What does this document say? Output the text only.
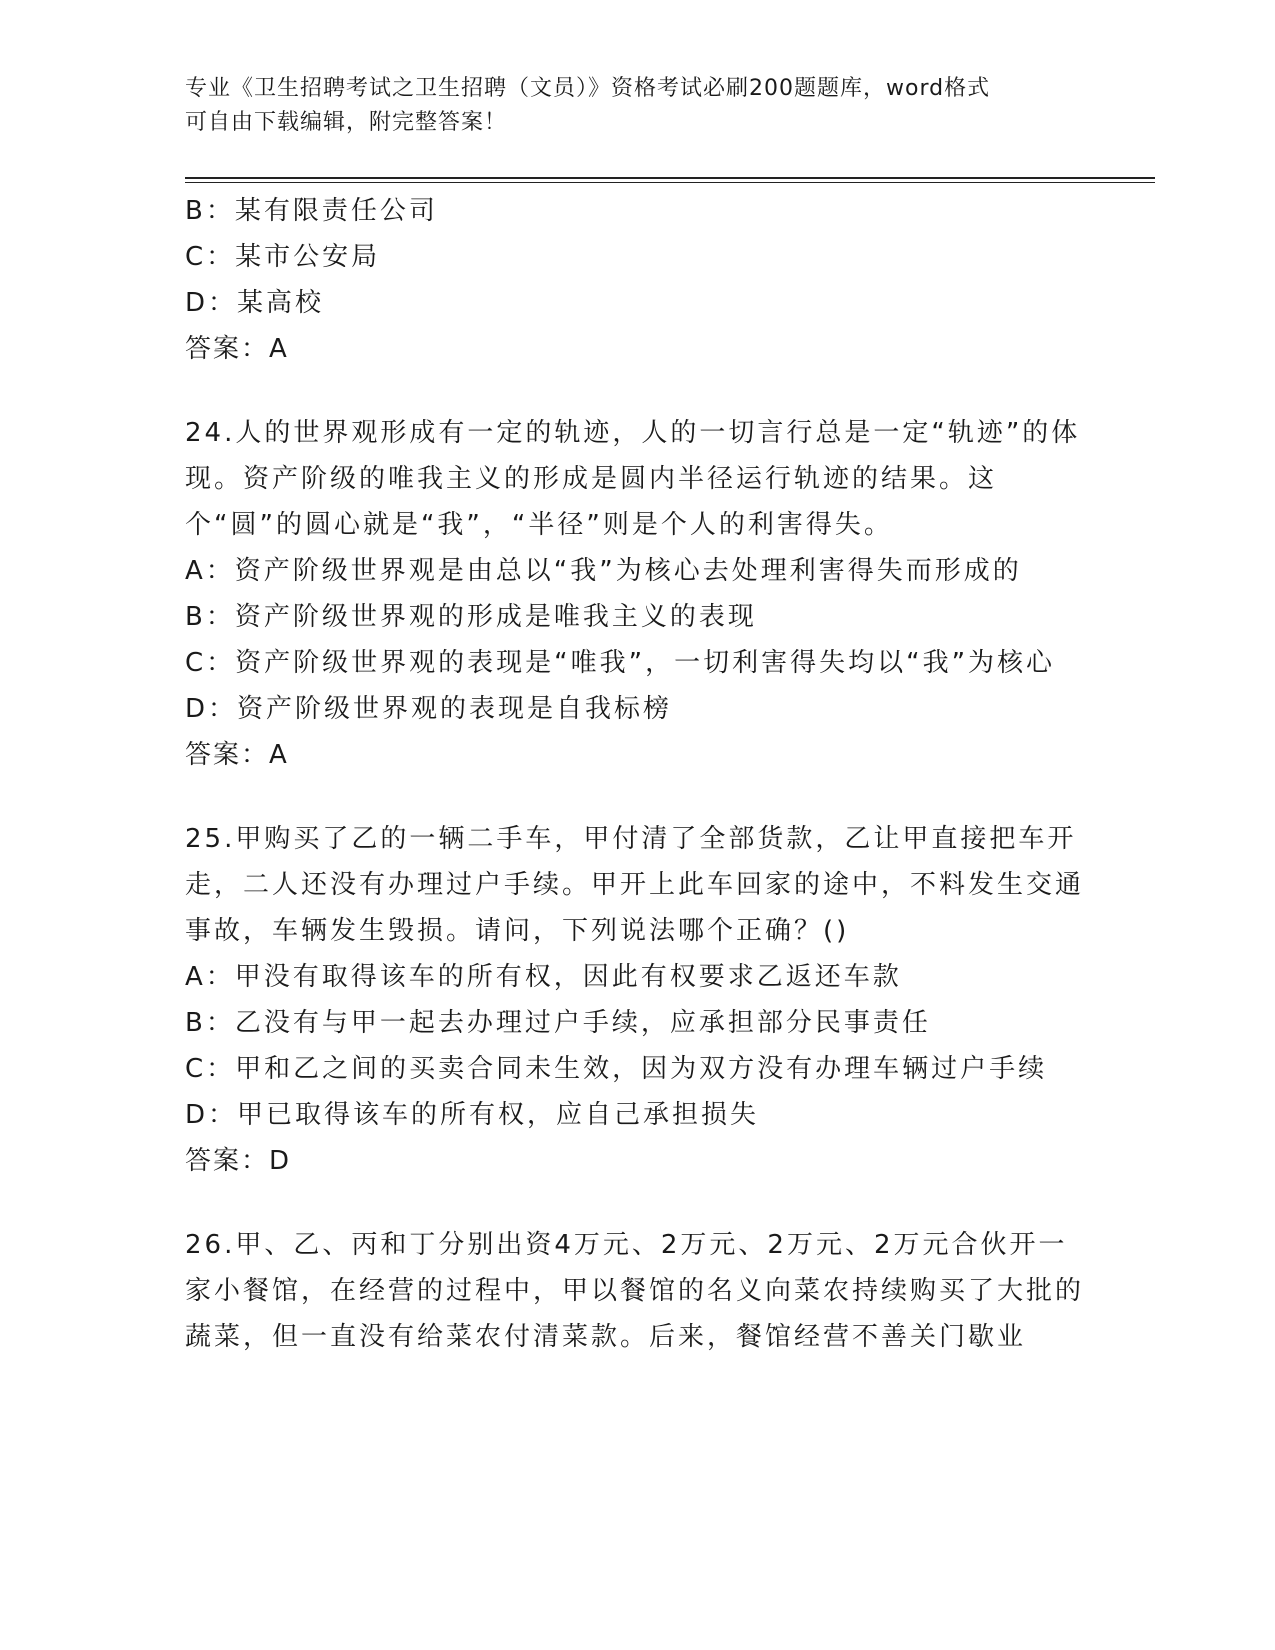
专业《卫生招聘考试之卫生招聘（文员）》资格考试必刷200题题库，word格式
可自由下载编辑，附完整答案！
B：某有限责任公司
C：某市公安局
D：某高校
答案：A
24.人的世界观形成有一定的轨迹，人的一切言行总是一定“轨迹”的体现。资产阶级的唯我主义的形成是圆内半径运行轨迹的结果。这个“圆”的圆心就是“我”，“半径”则是个人的利害得失。
A：资产阶级世界观是由总以“我”为核心去处理利害得失而形成的
B：资产阶级世界观的形成是唯我主义的表现
C：资产阶级世界观的表现是“唯我”，一切利害得失均以“我”为核心
D：资产阶级世界观的表现是自我标榜
答案：A
25.甲购买了乙的一辆二手车，甲付清了全部货款，乙让甲直接把车开走，二人还没有办理过户手续。甲开上此车回家的途中，不料发生交通事故，车辆发生毁损。请问，下列说法哪个正确？()
A：甲没有取得该车的所有权，因此有权要求乙返还车款
B：乙没有与甲一起去办理过户手续，应承担部分民事责任
C：甲和乙之间的买卖合同未生效，因为双方没有办理车辆过户手续
D：甲已取得该车的所有权，应自己承担损失
答案：D
26.甲、乙、丙和丁分别出资4万元、2万元、2万元、2万元合伙开一家小餐馆，在经营的过程中，甲以餐馆的名义向菜农持续购买了大批的蔬菜，但一直没有给菜农付清菜款。后来，餐馆经营不善关门歇业
